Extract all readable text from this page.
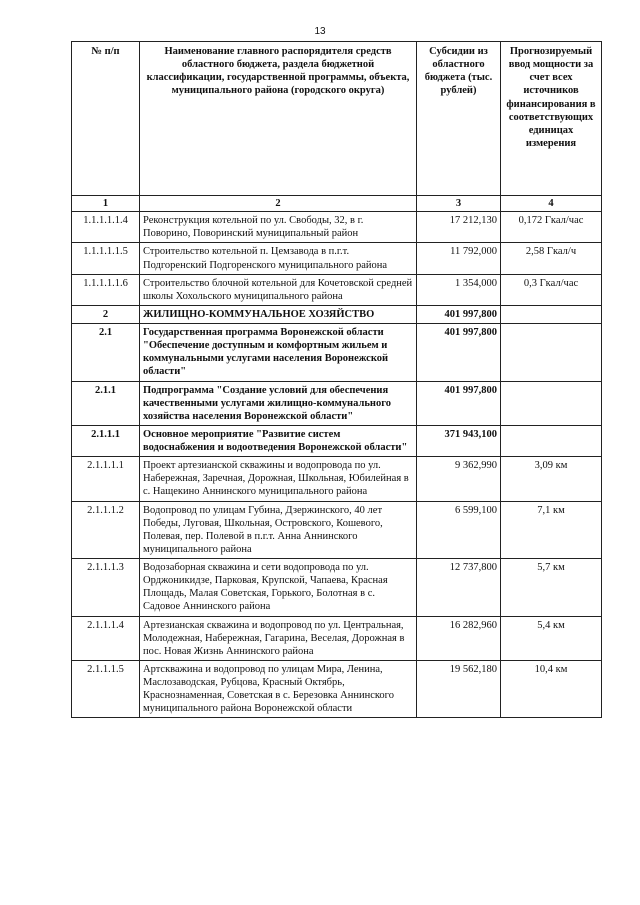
13
№ п/п	Наименование главного распорядителя средств областного бюджета, раздела бюджетной классификации, государственной программы, объекта, муниципального района (городского округа)	Субсидии из областного бюджета (тыс. рублей)	Прогнозируемый ввод мощности за счет всех источников финансирования в соответствующих единицах измерения
1	2	3	4
1.1.1.1.1.4	Реконструкция котельной по ул. Свободы, 32, в г. Поворино, Поворинский муниципальный район	17 212,130	0,172 Гкал/час
1.1.1.1.1.5	Строительство котельной п. Цемзавода в п.г.т. Подгоренский Подгоренского муниципального района	11 792,000	2,58 Гкал/ч
1.1.1.1.1.6	Строительство блочной котельной для Кочетовской средней школы Хохольского муниципального района	1 354,000	0,3 Гкал/час
2	ЖИЛИЩНО-КОММУНАЛЬНОЕ ХОЗЯЙСТВО	401 997,800	
2.1	Государственная программа Воронежской области "Обеспечение доступным и комфортным жильем и коммунальными услугами населения Воронежской области"	401 997,800	
2.1.1	Подпрограмма "Создание условий для обеспечения качественными услугами жилищно-коммунального хозяйства населения Воронежской области"	401 997,800	
2.1.1.1	Основное мероприятие "Развитие систем водоснабжения и водоотведения Воронежской области"	371 943,100	
2.1.1.1.1	Проект артезианской скважины и водопровода по ул. Набережная, Заречная, Дорожная, Школьная, Юбилейная в с. Нащекино Аннинского муниципального района	9 362,990	3,09 км
2.1.1.1.2	Водопровод по улицам Губина, Дзержинского, 40 лет Победы, Луговая, Школьная, Островского, Кошевого, Полевая, пер. Полевой в п.г.т. Анна Аннинского муниципального района	6 599,100	7,1 км
2.1.1.1.3	Водозаборная скважина и сети водопровода по ул. Орджоникидзе, Парковая, Крупской, Чапаева, Красная Площадь, Малая Советская, Горького, Болотная в с. Садовое Аннинского района	12 737,800	5,7 км
2.1.1.1.4	Артезианская скважина и водопровод по ул. Центральная, Молодежная, Набережная, Гагарина, Веселая, Дорожная в пос. Новая Жизнь Аннинского района	16 282,960	5,4 км
2.1.1.1.5	Артскважина и водопровод по улицам Мира, Ленина, Маслозаводская, Рубцова, Красный Октябрь, Краснознаменная, Советская в с. Березовка Аннинского муниципального района Воронежской области	19 562,180	10,4 км
